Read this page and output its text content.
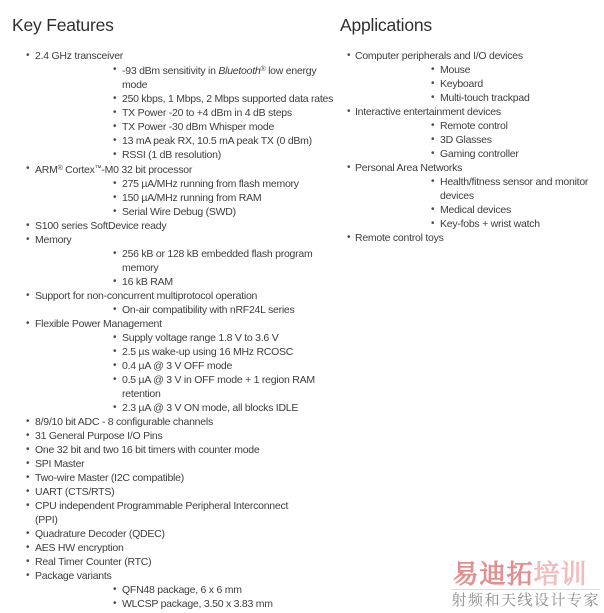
Key Features
• 2.4 GHz transceiver
• -93 dBm sensitivity in Bluetooth® low energy
mode
• 250 kbps, 1 Mbps, 2 Mbps supported data rates
• TX Power -20 to +4 dBm in 4 dB steps
• TX Power -30 dBm Whisper mode
• 13 mA peak RX, 10.5 mA peak TX (0 dBm)
• RSSI (1 dB resolution)
• ARM® Cortex™-M0 32 bit processor
• 275 µA/MHz running from flash memory
• 150 µA/MHz running from RAM
• Serial Wire Debug (SWD)
• S100 series SoftDevice ready
• Memory
• 256 kB or 128 kB embedded flash program
memory
• 16 kB RAM
• Support for non-concurrent multiprotocol operation
• On-air compatibility with nRF24L series
• Flexible Power Management
• Supply voltage range 1.8 V to 3.6 V
• 2.5 µs wake-up using 16 MHz RCOSC
• 0.4 µA @ 3 V OFF mode
• 0.5 µA @ 3 V in OFF mode + 1 region RAM
retention
• 2.3 µA @ 3 V ON mode, all blocks IDLE
• 8/9/10 bit ADC - 8 configurable channels
• 31 General Purpose I/O Pins
• One 32 bit and two 16 bit timers with counter mode
• SPI Master
• Two-wire Master (I2C compatible)
• UART (CTS/RTS)
• CPU independent Programmable Peripheral Interconnect
(PPI)
• Quadrature Decoder (QDEC)
• AES HW encryption
• Real Timer Counter (RTC)
• Package variants
• QFN48 package, 6 x 6 mm
• WLCSP package, 3.50 x 3.83 mm
Applications
• Computer peripherals and I/O devices
• Mouse
• Keyboard
• Multi-touch trackpad
• Interactive entertainment devices
• Remote control
• 3D Glasses
• Gaming controller
• Personal Area Networks
• Health/fitness sensor and monitor
devices
• Medical devices
• Key-fobs + wrist watch
• Remote control toys
易迪拓培训
射频和天线设计专家
